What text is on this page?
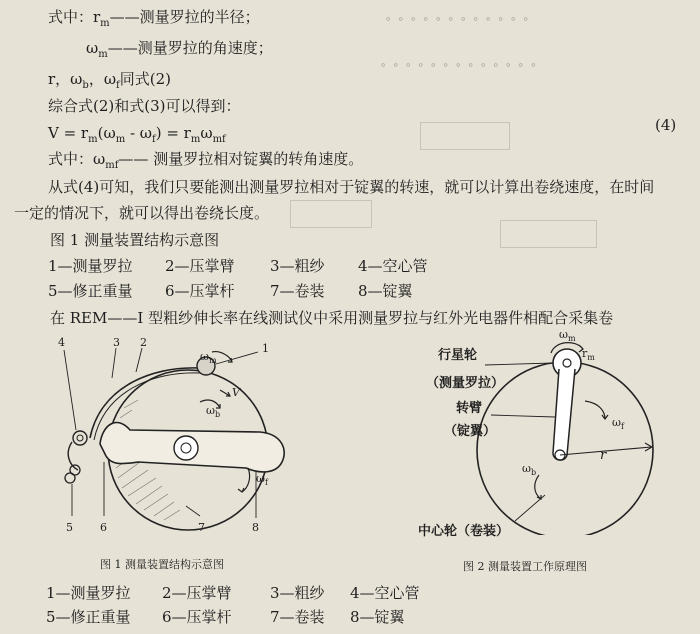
∘ ∘ ∘ ∘ ∘ ∘ ∘ ∘ ∘ ∘ ∘ ∘
∘ ∘ ∘ ∘ ∘ ∘ ∘ ∘ ∘ ∘ ∘ ∘ ∘
式中：$r_m——$测量罗拉的半径；
$\omega_m——$测量罗拉的角速度；
r，$\omega_b$，$\omega_f$同式(2)
综合式(2)和式(3)可以得到：
$V = r_m(\omega_m - \omega_f) = r_m\omega_{mf}$
(4)
式中：$\omega_{mf}——$ 测量罗拉相对锭翼的转角速度。
从式(4)可知，我们只要能测出测量罗拉相对于锭翼的转速，就可以计算出卷绕速度，在时间
一定的情况下，就可以得出卷绕长度。
图 1 测量装置结构示意图
1—测量罗拉 2—压掌臂 3—粗纱 4—空心管
5—修正重量 6—压掌杆 7—卷装 8—锭翼
在 REM——I 型粗纱伸长率在线测试仪中采用测量罗拉与红外光电器件相配合采集卷
4	3 2	1
$\omega_m$
V
$\omega_b$
$\omega_f$
5 6	7	8
图 1 测量装置结构示意图
行星轮
（测量罗拉）
转臂
（锭翼）
中心轮（卷装）
$\omega_m$
$r_m$
$\omega_f$
$\omega_b$
r
图 2 测量装置工作原理图
1—测量罗拉 2—压掌臂	3—粗纱 4—空心管
5—修正重量 6—压掌杆	7—卷装 8—锭翼
